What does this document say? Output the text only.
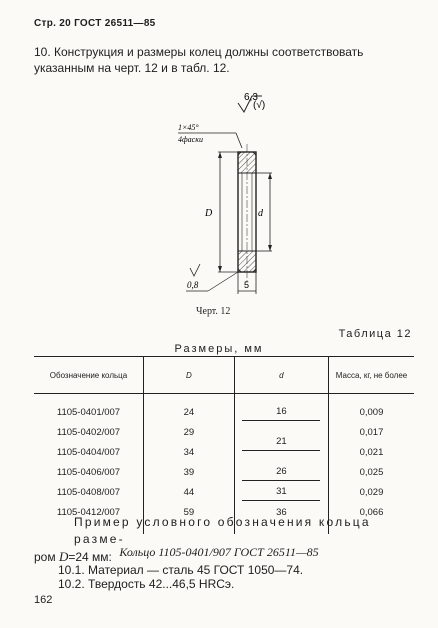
Стр. 20 ГОСТ 26511—85
10. Конструкция и размеры колец должны соответствовать
указанным на черт. 12 и в табл. 12.
6,3
(√)
1×45°
4фаски
D	d
5
0,8
Черт. 12
Таблица 12
Размеры, мм
Обозначение кольца	D	d	Масса, кг, не более
1105-0401/007	24	16	0,009
1105-0402/007	29	21	0,017
1105-0404/007	34		0,021
1105-0406/007	39	26	0,025
1105-0408/007	44	31	0,029
1105-0412/007	59	36	0,066
Пример условного обозначения кольца разме-
ром D=24 мм: Кольцо 1105-0401/907 ГОСТ 26511—85
10.1. Материал — сталь 45 ГОСТ 1050—74.
10.2. Твердость 42...46,5 HRCэ.
162
